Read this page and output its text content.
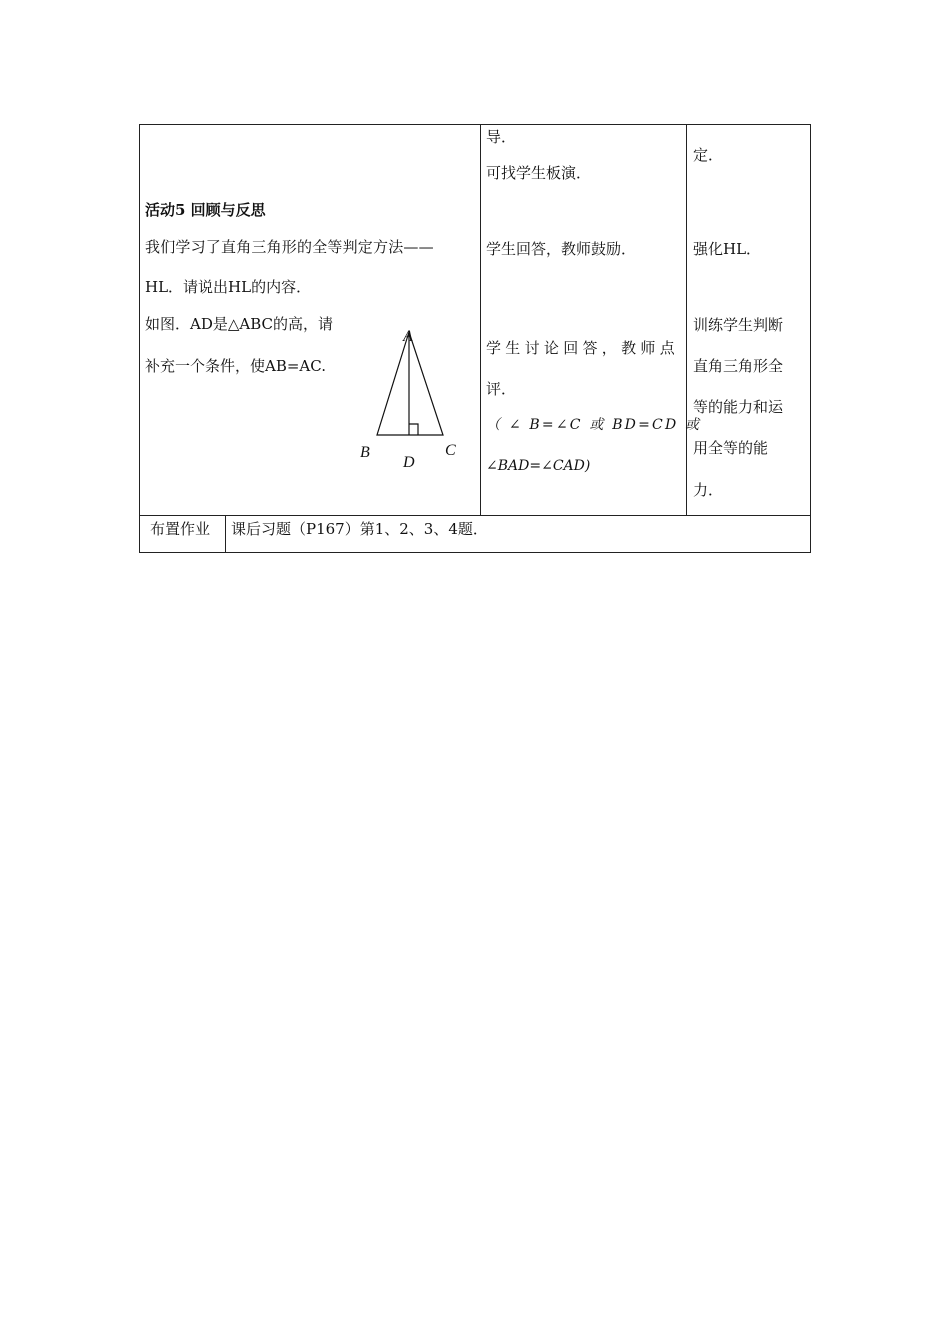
活动5 回顾与反思
我们学习了直角三角形的全等判定方法——
HL．请说出HL的内容．
如图．AD是△ABC的高，请
补充一个条件，使AB=AC.
A
B	C
D
导．
可找学生板演．
学生回答，教师鼓励．
学生讨论回答，教师点
评．
（ ∠ B=∠C 或 BD=CD 或
∠BAD=∠CAD)
定．
强化HL．
训练学生判断
直角三角形全
等的能力和运
用全等的能
力．
布置作业 课后习题（P167）第1、2、3、4题．
